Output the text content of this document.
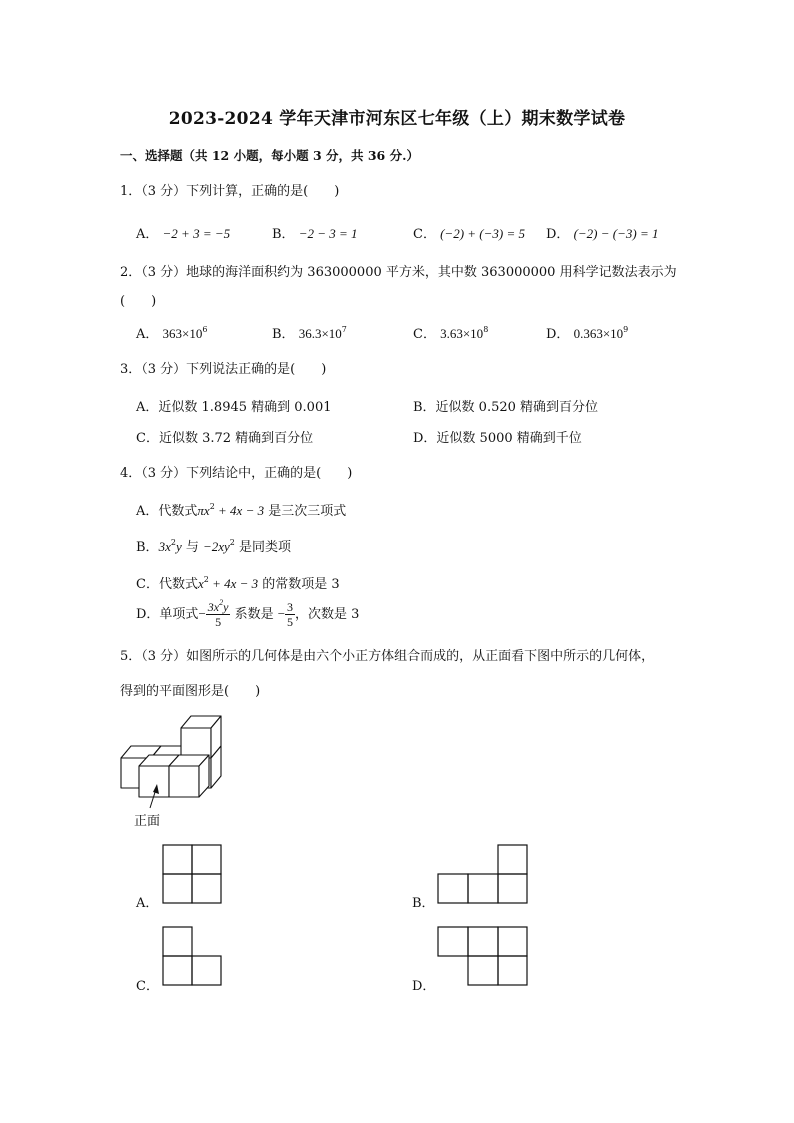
2023-2024 学年天津市河东区七年级（上）期末数学试卷
一、选择题（共 12 小题，每小题 3 分，共 36 分.）
1．（3 分）下列计算，正确的是(　　)
A． −2 + 3 = −5	B． −2 − 3 = 1	C． (−2) + (−3) = 5 D． (−2) − (−3) = 1
2．（3 分）地球的海洋面积约为 363000000 平方米，其中数 363000000 用科学记数法表示为
(　　)
A． $363\times 10^6$	B． $36.3\times 10^7$	C． $3.63\times 10^8$	D． $0.363\times 10^9$
3．（3 分）下列说法正确的是(　　)
A．近似数 1.8945 精确到 0.001	B．近似数 0.520 精确到百分位
C．近似数 3.72 精确到百分位	D．近似数 5000 精确到千位
4．（3 分）下列结论中，正确的是(　　)
A．代数式$\pi x^2 + 4x - 3$ 是三次三项式
B．$3x^2y$ 与 $-2xy^2$ 是同类项
C．代数式$x^2 + 4x - 3$ 的常数项是 3
D．单项式− $\frac{3x^2y}{5}$ 系数是 − $\frac{3}{5}$ ，次数是 3
5．（3 分）如图所示的几何体是由六个小正方体组合而成的，从正面看下图中所示的几何体，
得到的平面图形是(　　)
正面
A．	B．
C．	D．
